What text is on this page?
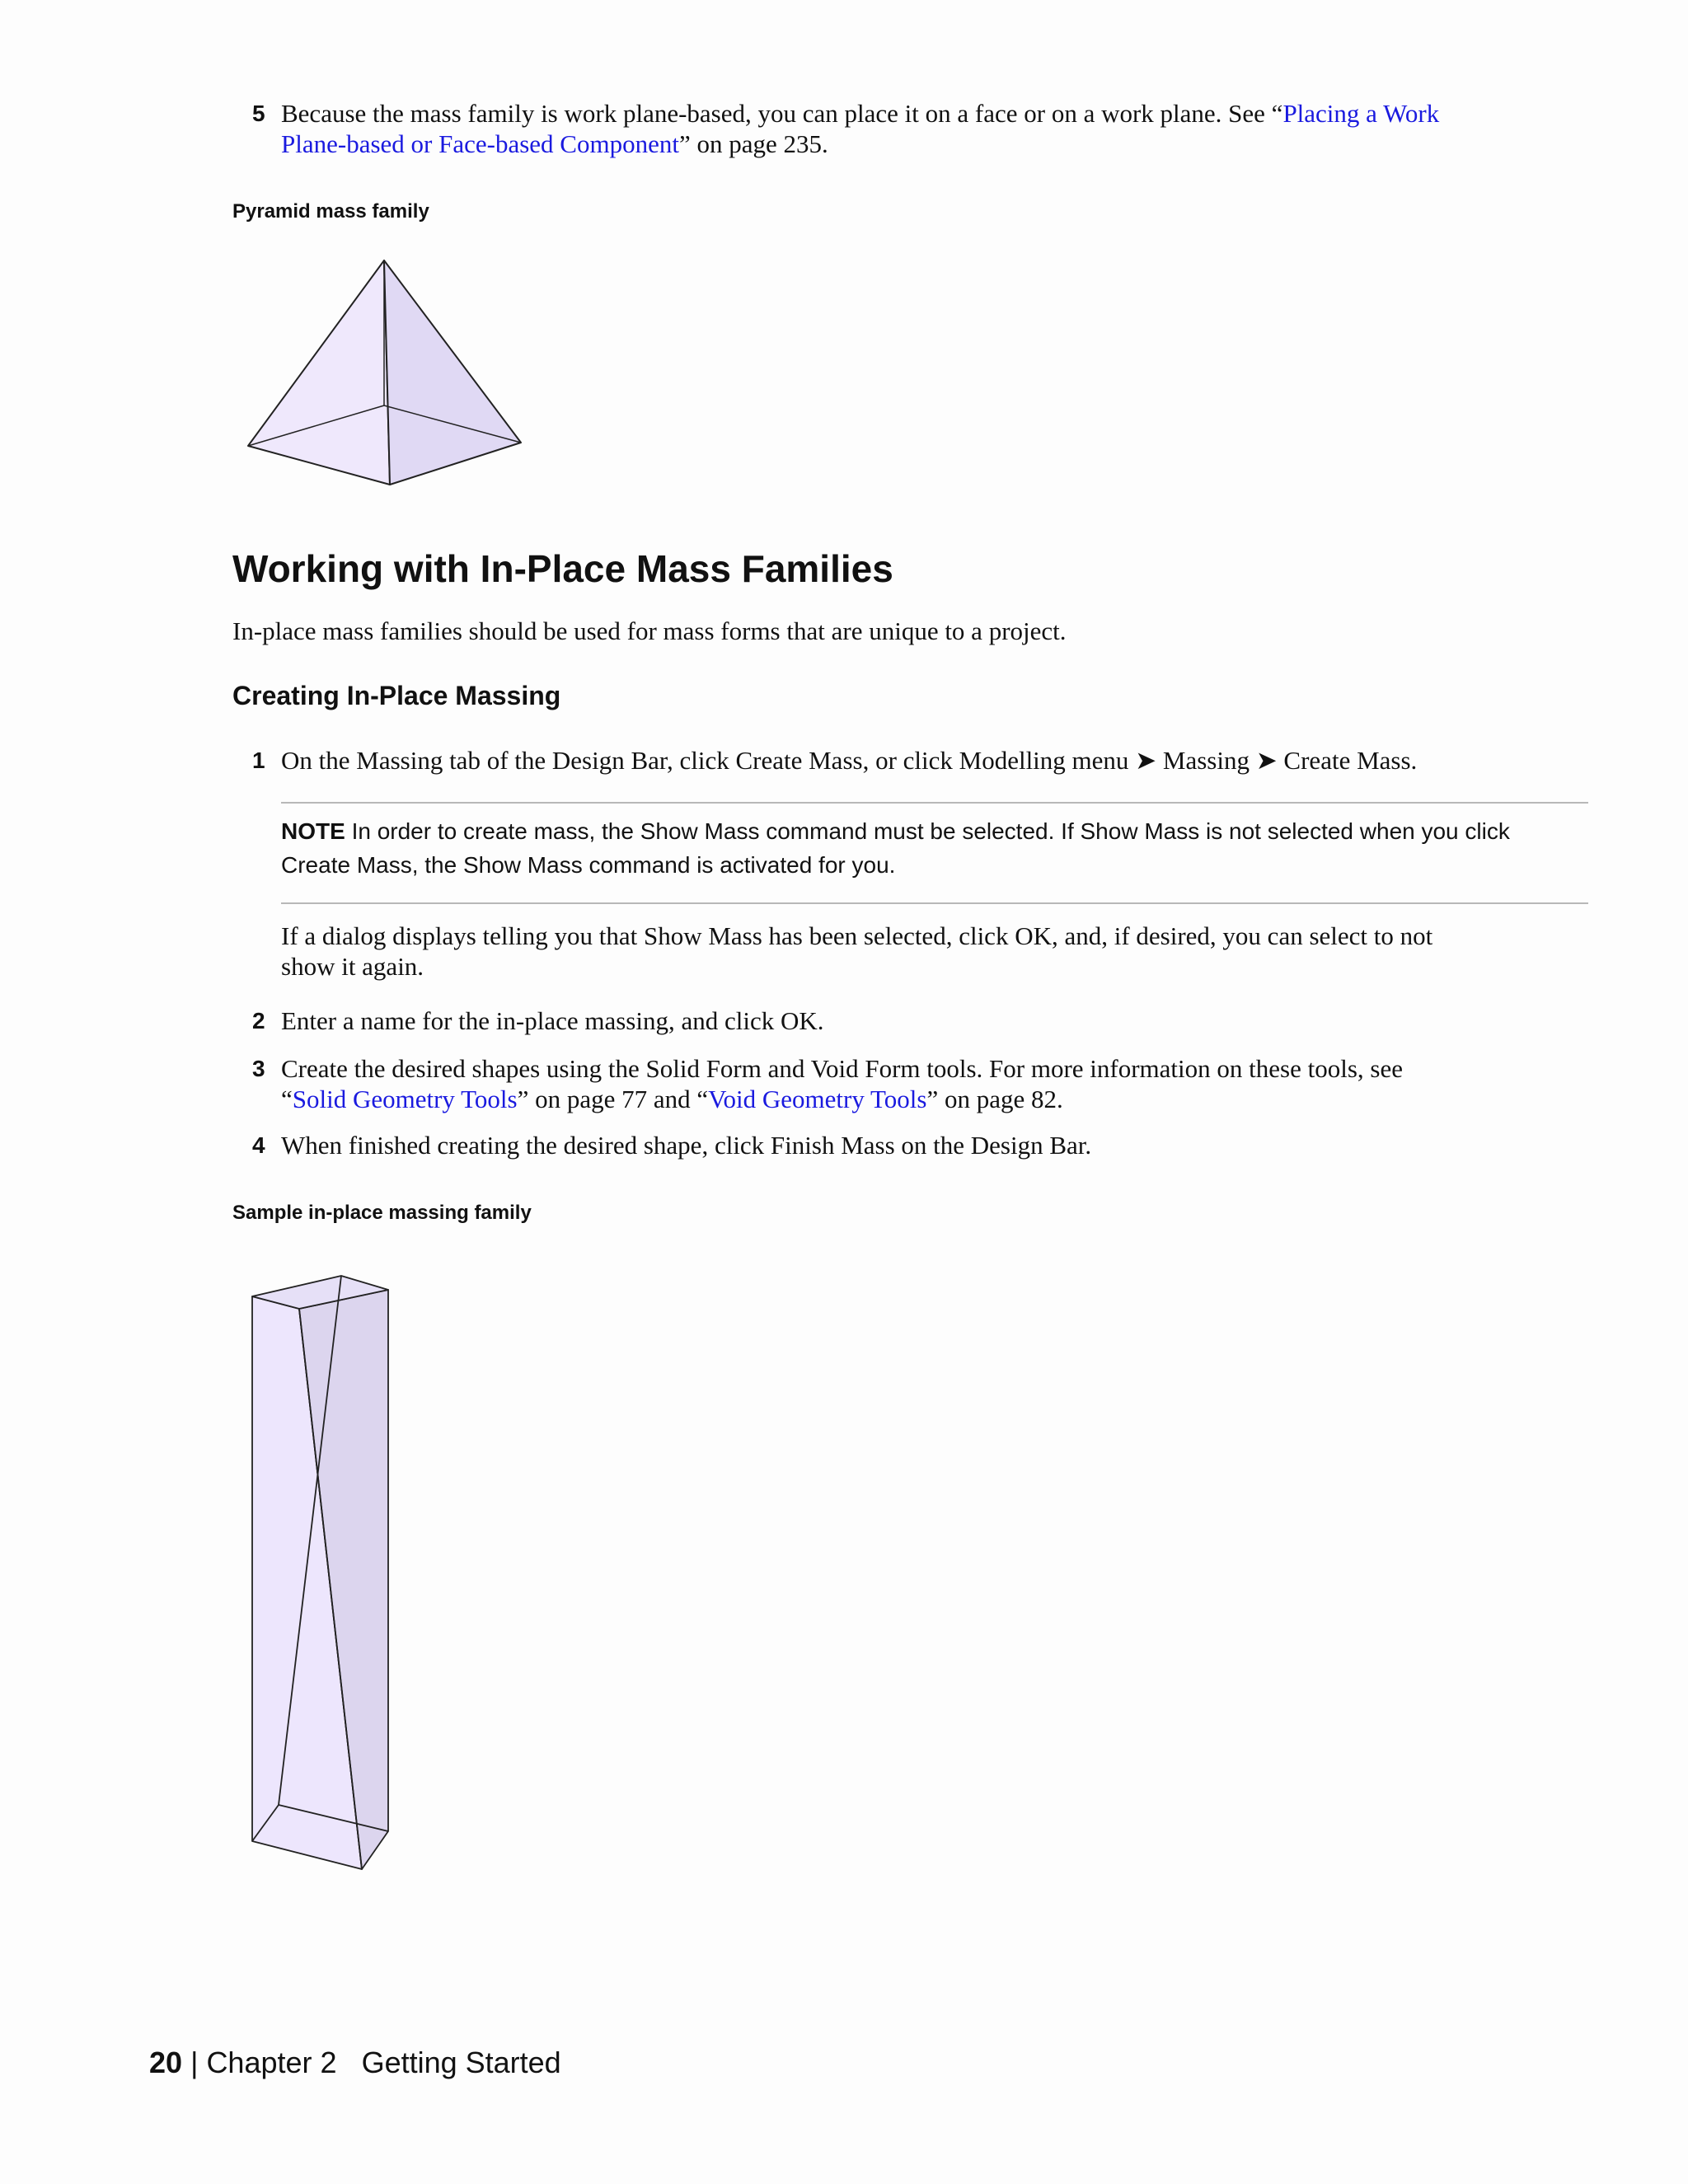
5 Because the mass family is work plane-based, you can place it on a face or on a work plane. See “Placing a Work
Plane-based or Face-based Component” on page 235.
Pyramid mass family
Working with In-Place Mass Families
In-place mass families should be used for mass forms that are unique to a project.
Creating In-Place Massing
1 On the Massing tab of the Design Bar, click Create Mass, or click Modelling menu ➤ Massing ➤ Create Mass.
NOTE In order to create mass, the Show Mass command must be selected. If Show Mass is not selected when you click
Create Mass, the Show Mass command is activated for you.
If a dialog displays telling you that Show Mass has been selected, click OK, and, if desired, you can select to not
show it again.
2 Enter a name for the in-place massing, and click OK.
3 Create the desired shapes using the Solid Form and Void Form tools. For more information on these tools, see
“Solid Geometry Tools” on page 77 and “Void Geometry Tools” on page 82.
4 When finished creating the desired shape, click Finish Mass on the Design Bar.
Sample in-place massing family
20 | Chapter 2 Getting Started
